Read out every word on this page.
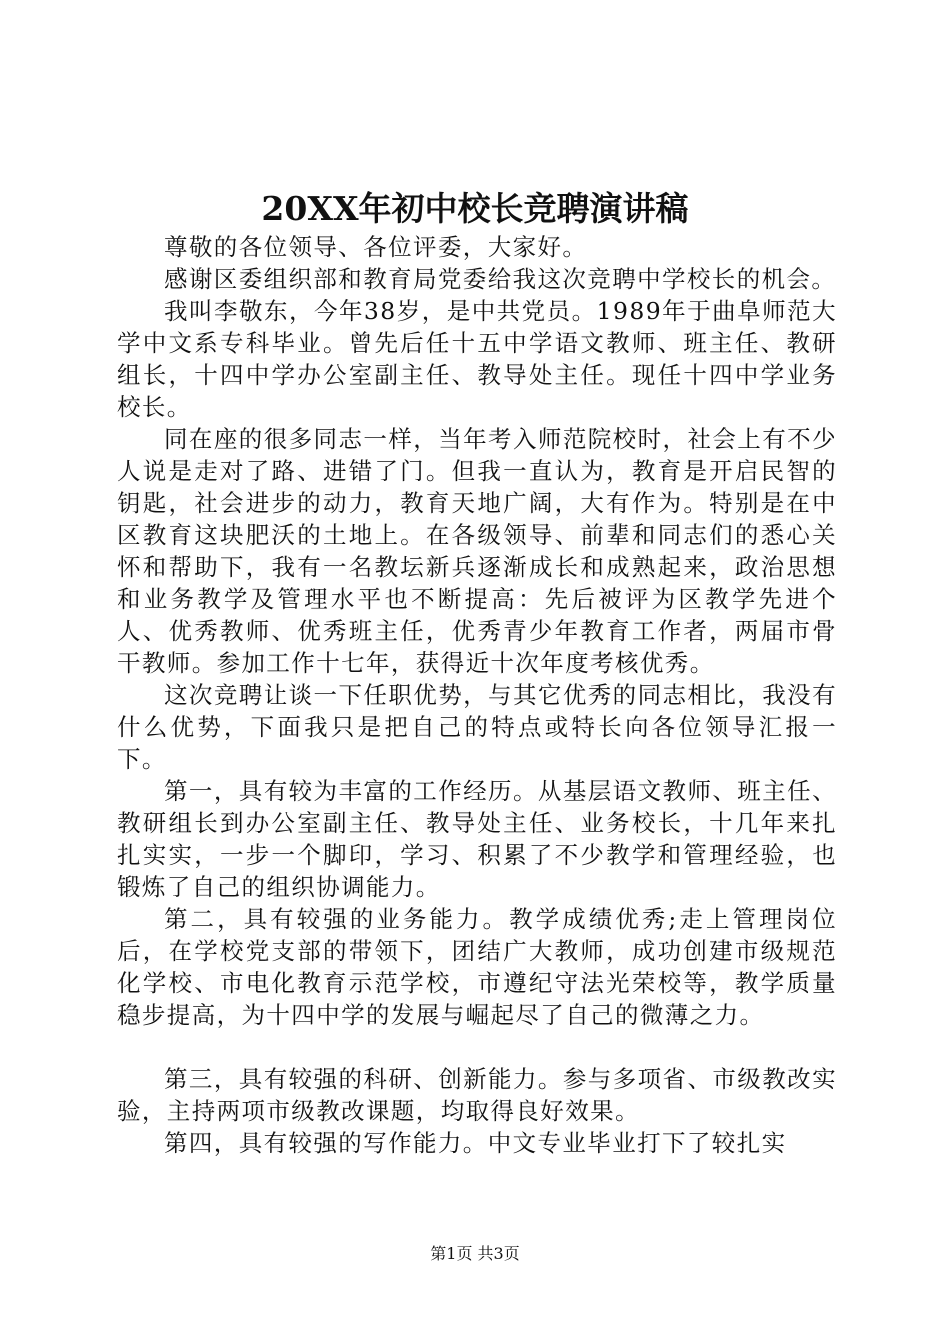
20XX年初中校长竞聘演讲稿

尊敬的各位领导、各位评委，大家好。

感谢区委组织部和教育局党委给我这次竞聘中学校长的机会。

我叫李敬东，今年38岁，是中共党员。1989年于曲阜师范大学中文系专科毕业。曾先后任十五中学语文教师、班主任、教研组长，十四中学办公室副主任、教导处主任。现任十四中学业务校长。

同在座的很多同志一样，当年考入师范院校时，社会上有不少人说是走对了路、进错了门。但我一直认为，教育是开启民智的钥匙，社会进步的动力，教育天地广阔，大有作为。特别是在中区教育这块肥沃的土地上。在各级领导、前辈和同志们的悉心关怀和帮助下，我有一名教坛新兵逐渐成长和成熟起来，政治思想和业务教学及管理水平也不断提高：先后被评为区教学先进个人、优秀教师、优秀班主任，优秀青少年教育工作者，两届市骨干教师。参加工作十七年，获得近十次年度考核优秀。

这次竞聘让谈一下任职优势，与其它优秀的同志相比，我没有什么优势，下面我只是把自己的特点或特长向各位领导汇报一下。

第一，具有较为丰富的工作经历。从基层语文教师、班主任、教研组长到办公室副主任、教导处主任、业务校长，十几年来扎扎实实，一步一个脚印，学习、积累了不少教学和管理经验，也锻炼了自己的组织协调能力。

第二，具有较强的业务能力。教学成绩优秀;走上管理岗位后，在学校党支部的带领下，团结广大教师，成功创建市级规范化学校、市电化教育示范学校，市遵纪守法光荣校等，教学质量稳步提高，为十四中学的发展与崛起尽了自己的微薄之力。

第三，具有较强的科研、创新能力。参与多项省、市级教改实验，主持两项市级教改课题，均取得良好效果。

第四，具有较强的写作能力。中文专业毕业打下了较扎实

第1页 共3页
